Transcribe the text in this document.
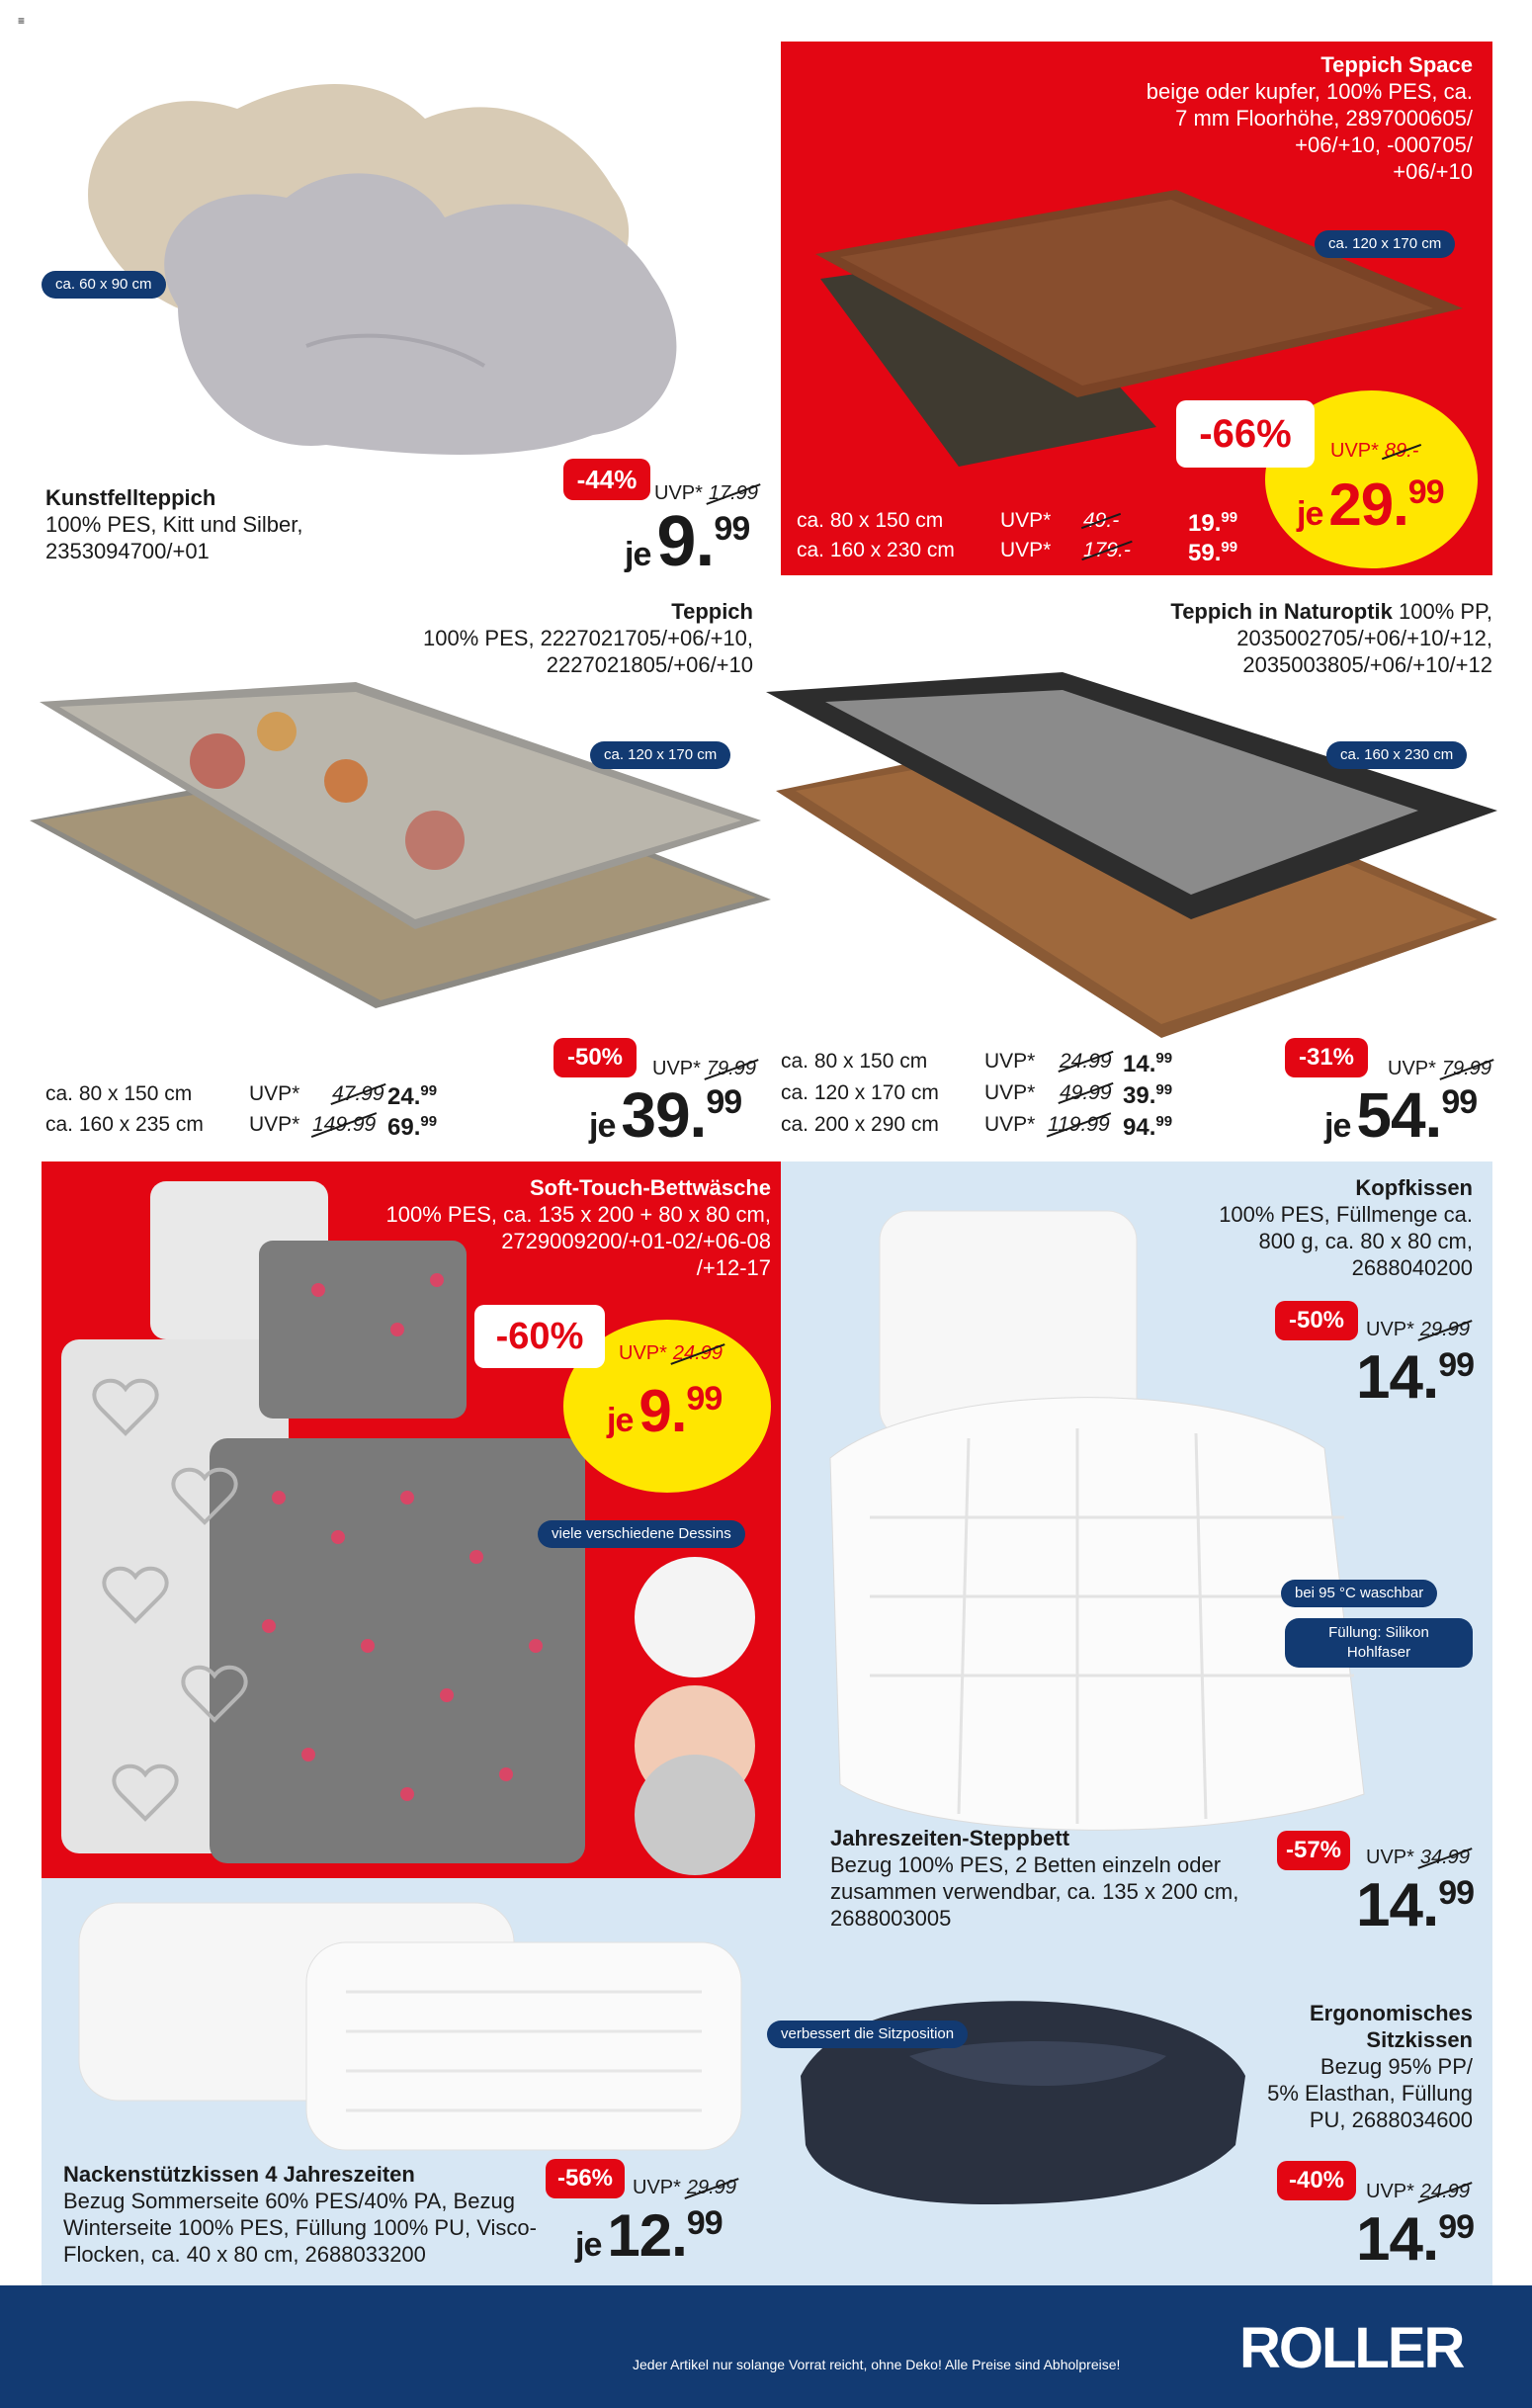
≡
ca. 60 x 90 cm
Kunstfellteppich
100% PES, Kitt und Silber,
2353094700/+01
-44% UVP* 17.99
je9.99
Teppich Space
beige oder kupfer, 100% PES, ca.
7 mm Floorhöhe, 2897000605/
+06/+10, -000705/
+06/+10
ca. 120 x 170 cm
-66%	UVP* 89.-
je 29.99
ca. 80 x 150 cm	UVP* 49.-	19.99
ca. 160 x 230 cm UVP* 179.- 59.99
Teppich
100% PES, 2227021705/+06/+10,
2227021805/+06/+10
ca. 120 x 170 cm
-50%	UVP* 79.99
je39.99
ca. 80 x 150 cm	UVP* 47.99 24.99
ca. 160 x 235 cm UVP* 149.99 69.99
Teppich in Naturoptik 100% PP,
2035002705/+06/+10/+12,
2035003805/+06/+10/+12
ca. 160 x 230 cm
-31%	UVP* 79.99
je54.99
ca. 80 x 150 cm	UVP* 24.99 14.99
ca. 120 x 170 cm UVP* 49.99 39.99
ca. 200 x 290 cm UVP* 119.99 94.99
Soft-Touch-Bettwäsche
100% PES, ca. 135 x 200 + 80 x 80 cm,
2729009200/+01-02/+06-08
/+12-17
-60%	UVP* 24.99
je 9.99
viele verschiedene Dessins
Kopfkissen
100% PES, Füllmenge ca.
800 g, ca. 80 x 80 cm,
2688040200
-50%	UVP* 29.99
14.99
bei 95 °C waschbar
Füllung: Silikon
Hohlfaser
Jahreszeiten-Steppbett
Bezug 100% PES, 2 Betten einzeln oder
zusammen verwendbar, ca. 135 x 200 cm,
2688003005
-57%	UVP* 34.99
14.99
Nackenstützkissen 4 Jahreszeiten
Bezug Sommerseite 60% PES/40% PA, Bezug
Winterseite 100% PES, Füllung 100% PU, Visco-
Flocken, ca. 40 x 80 cm, 2688033200
-56% UVP* 29.99
je 12.99
Ergonomisches
Sitzkissen
Bezug 95% PP/
5% Elasthan, Füllung
PU, 2688034600
verbessert die Sitzposition
-40%	UVP* 24.99
14.99
Jeder Artikel nur solange Vorrat reicht, ohne Deko! Alle Preise sind Abholpreise! ROLLER
